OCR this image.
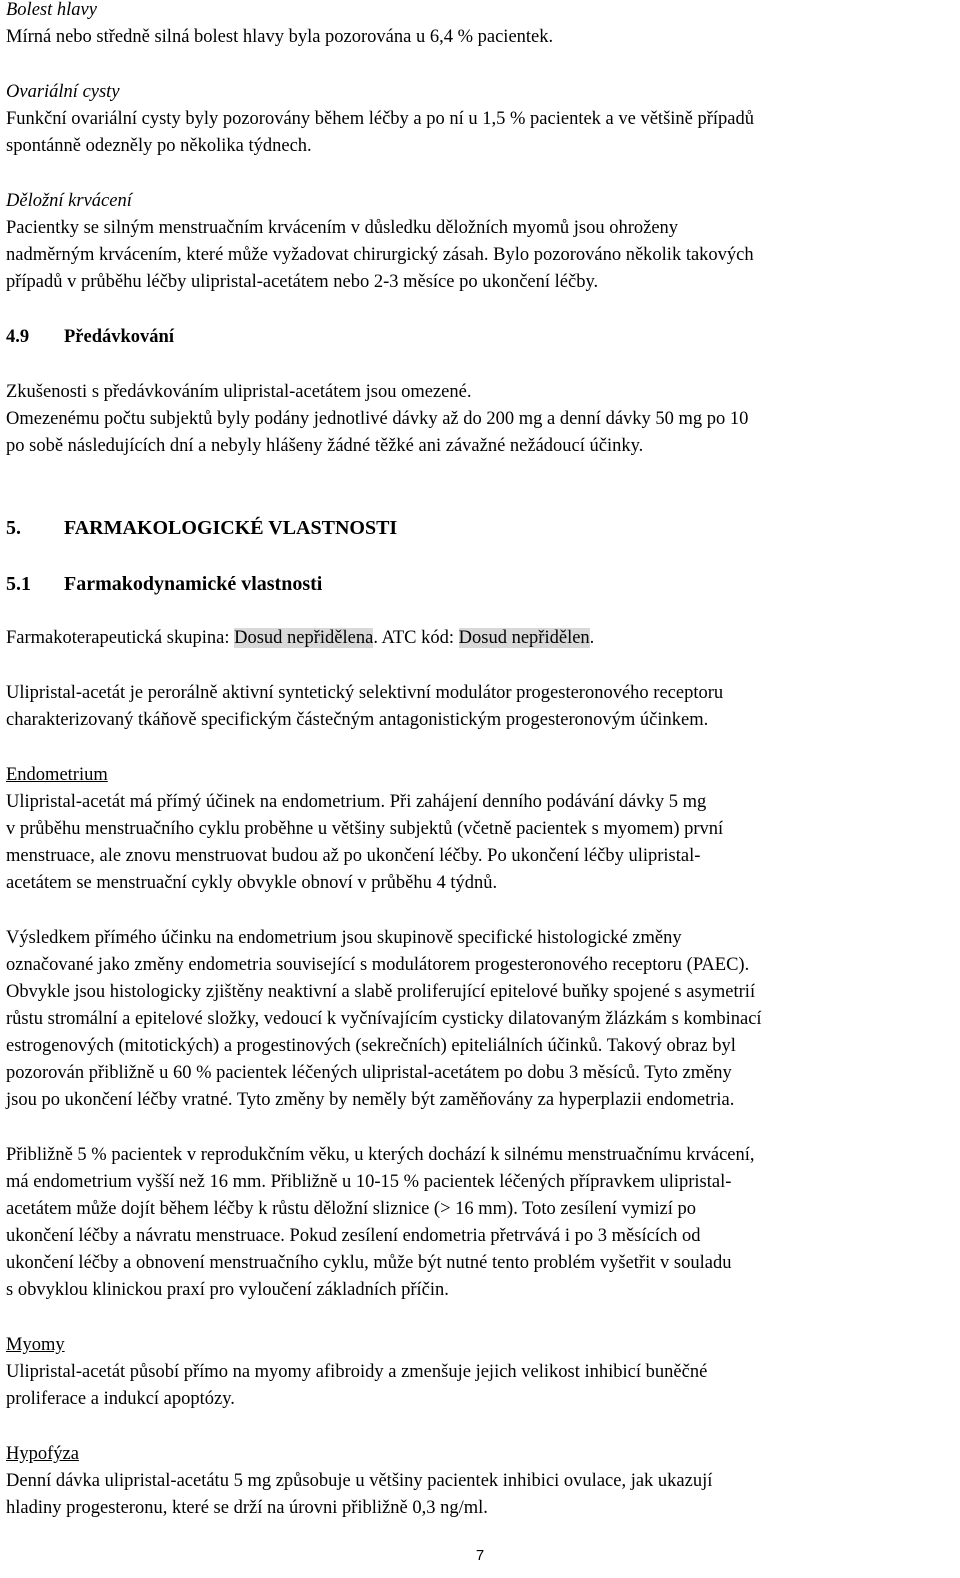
Bolest hlavy

Mírná nebo středně silná bolest hlavy byla pozorována u 6,4 % pacientek.

Ovariální cysty

Funkční ovariální cysty byly pozorovány během léčby a po ní u 1,5 % pacientek a ve většině případů

spontánně odezněly po několika týdnech.

Děložní krvácení

Pacientky se silným menstruačním krvácením v důsledku děložních myomů jsou ohroženy

nadměrným krvácením, které může vyžadovat chirurgický zásah. Bylo pozorováno několik takových

případů v průběhu léčby ulipristal-acetátem nebo 2-3 měsíce po ukončení léčby.

4.9	Předávkování

Zkušenosti s předávkováním ulipristal-acetátem jsou omezené.

Omezenému počtu subjektů byly podány jednotlivé dávky až do 200 mg a denní dávky 50 mg po 10

po sobě následujících dní a nebyly hlášeny žádné těžké ani závažné nežádoucí účinky.

5.	FARMAKOLOGICKÉ VLASTNOSTI
5.1	Farmakodynamické vlastnosti

Farmakoterapeutická skupina: Dosud nepřidělena. ATC kód: Dosud nepřidělen.

Ulipristal-acetát je perorálně aktivní syntetický selektivní modulátor progesteronového receptoru

charakterizovaný tkáňově specifickým částečným antagonistickým progesteronovým účinkem.

Endometrium

Ulipristal-acetát má přímý účinek na endometrium. Při zahájení denního podávání dávky 5 mg

v průběhu menstruačního cyklu proběhne u většiny subjektů (včetně pacientek s myomem) první

menstruace, ale znovu menstruovat budou až po ukončení léčby. Po ukončení léčby ulipristal-

acetátem se menstruační cykly obvykle obnoví v průběhu 4 týdnů.

Výsledkem přímého účinku na endometrium jsou skupinově specifické histologické změny

označované jako změny endometria související s modulátorem progesteronového receptoru (PAEC).

Obvykle jsou histologicky zjištěny neaktivní a slabě proliferující epitelové buňky spojené s asymetrií

růstu stromální a epitelové složky, vedoucí k vyčnívajícím cysticky dilatovaným žlázkám s kombinací

estrogenových (mitotických) a progestinových (sekrečních) epiteliálních účinků. Takový obraz byl

pozorován přibližně u 60 % pacientek léčených ulipristal-acetátem po dobu 3 měsíců. Tyto změny

jsou po ukončení léčby vratné. Tyto změny by neměly být zaměňovány za hyperplazii endometria.

Přibližně 5 % pacientek v reprodukčním věku, u kterých dochází k silnému menstruačnímu krvácení,

má endometrium vyšší než 16 mm. Přibližně u 10-15 % pacientek léčených přípravkem ulipristal-

acetátem může dojít během léčby k růstu děložní sliznice (> 16 mm). Toto zesílení vymizí po

ukončení léčby a návratu menstruace. Pokud zesílení endometria přetrvává i po 3 měsících od

ukončení léčby a obnovení menstruačního cyklu, může být nutné tento problém vyšetřit v souladu

s obvyklou klinickou praxí pro vyloučení základních příčin.

Myomy

Ulipristal-acetát působí přímo na myomy afibroidy a zmenšuje jejich velikost inhibicí buněčné

proliferace a indukcí apoptózy.

Hypofýza

Denní dávka ulipristal-acetátu 5 mg způsobuje u většiny pacientek inhibici ovulace, jak ukazují

hladiny progesteronu, které se drží na úrovni přibližně 0,3 ng/ml.

7
